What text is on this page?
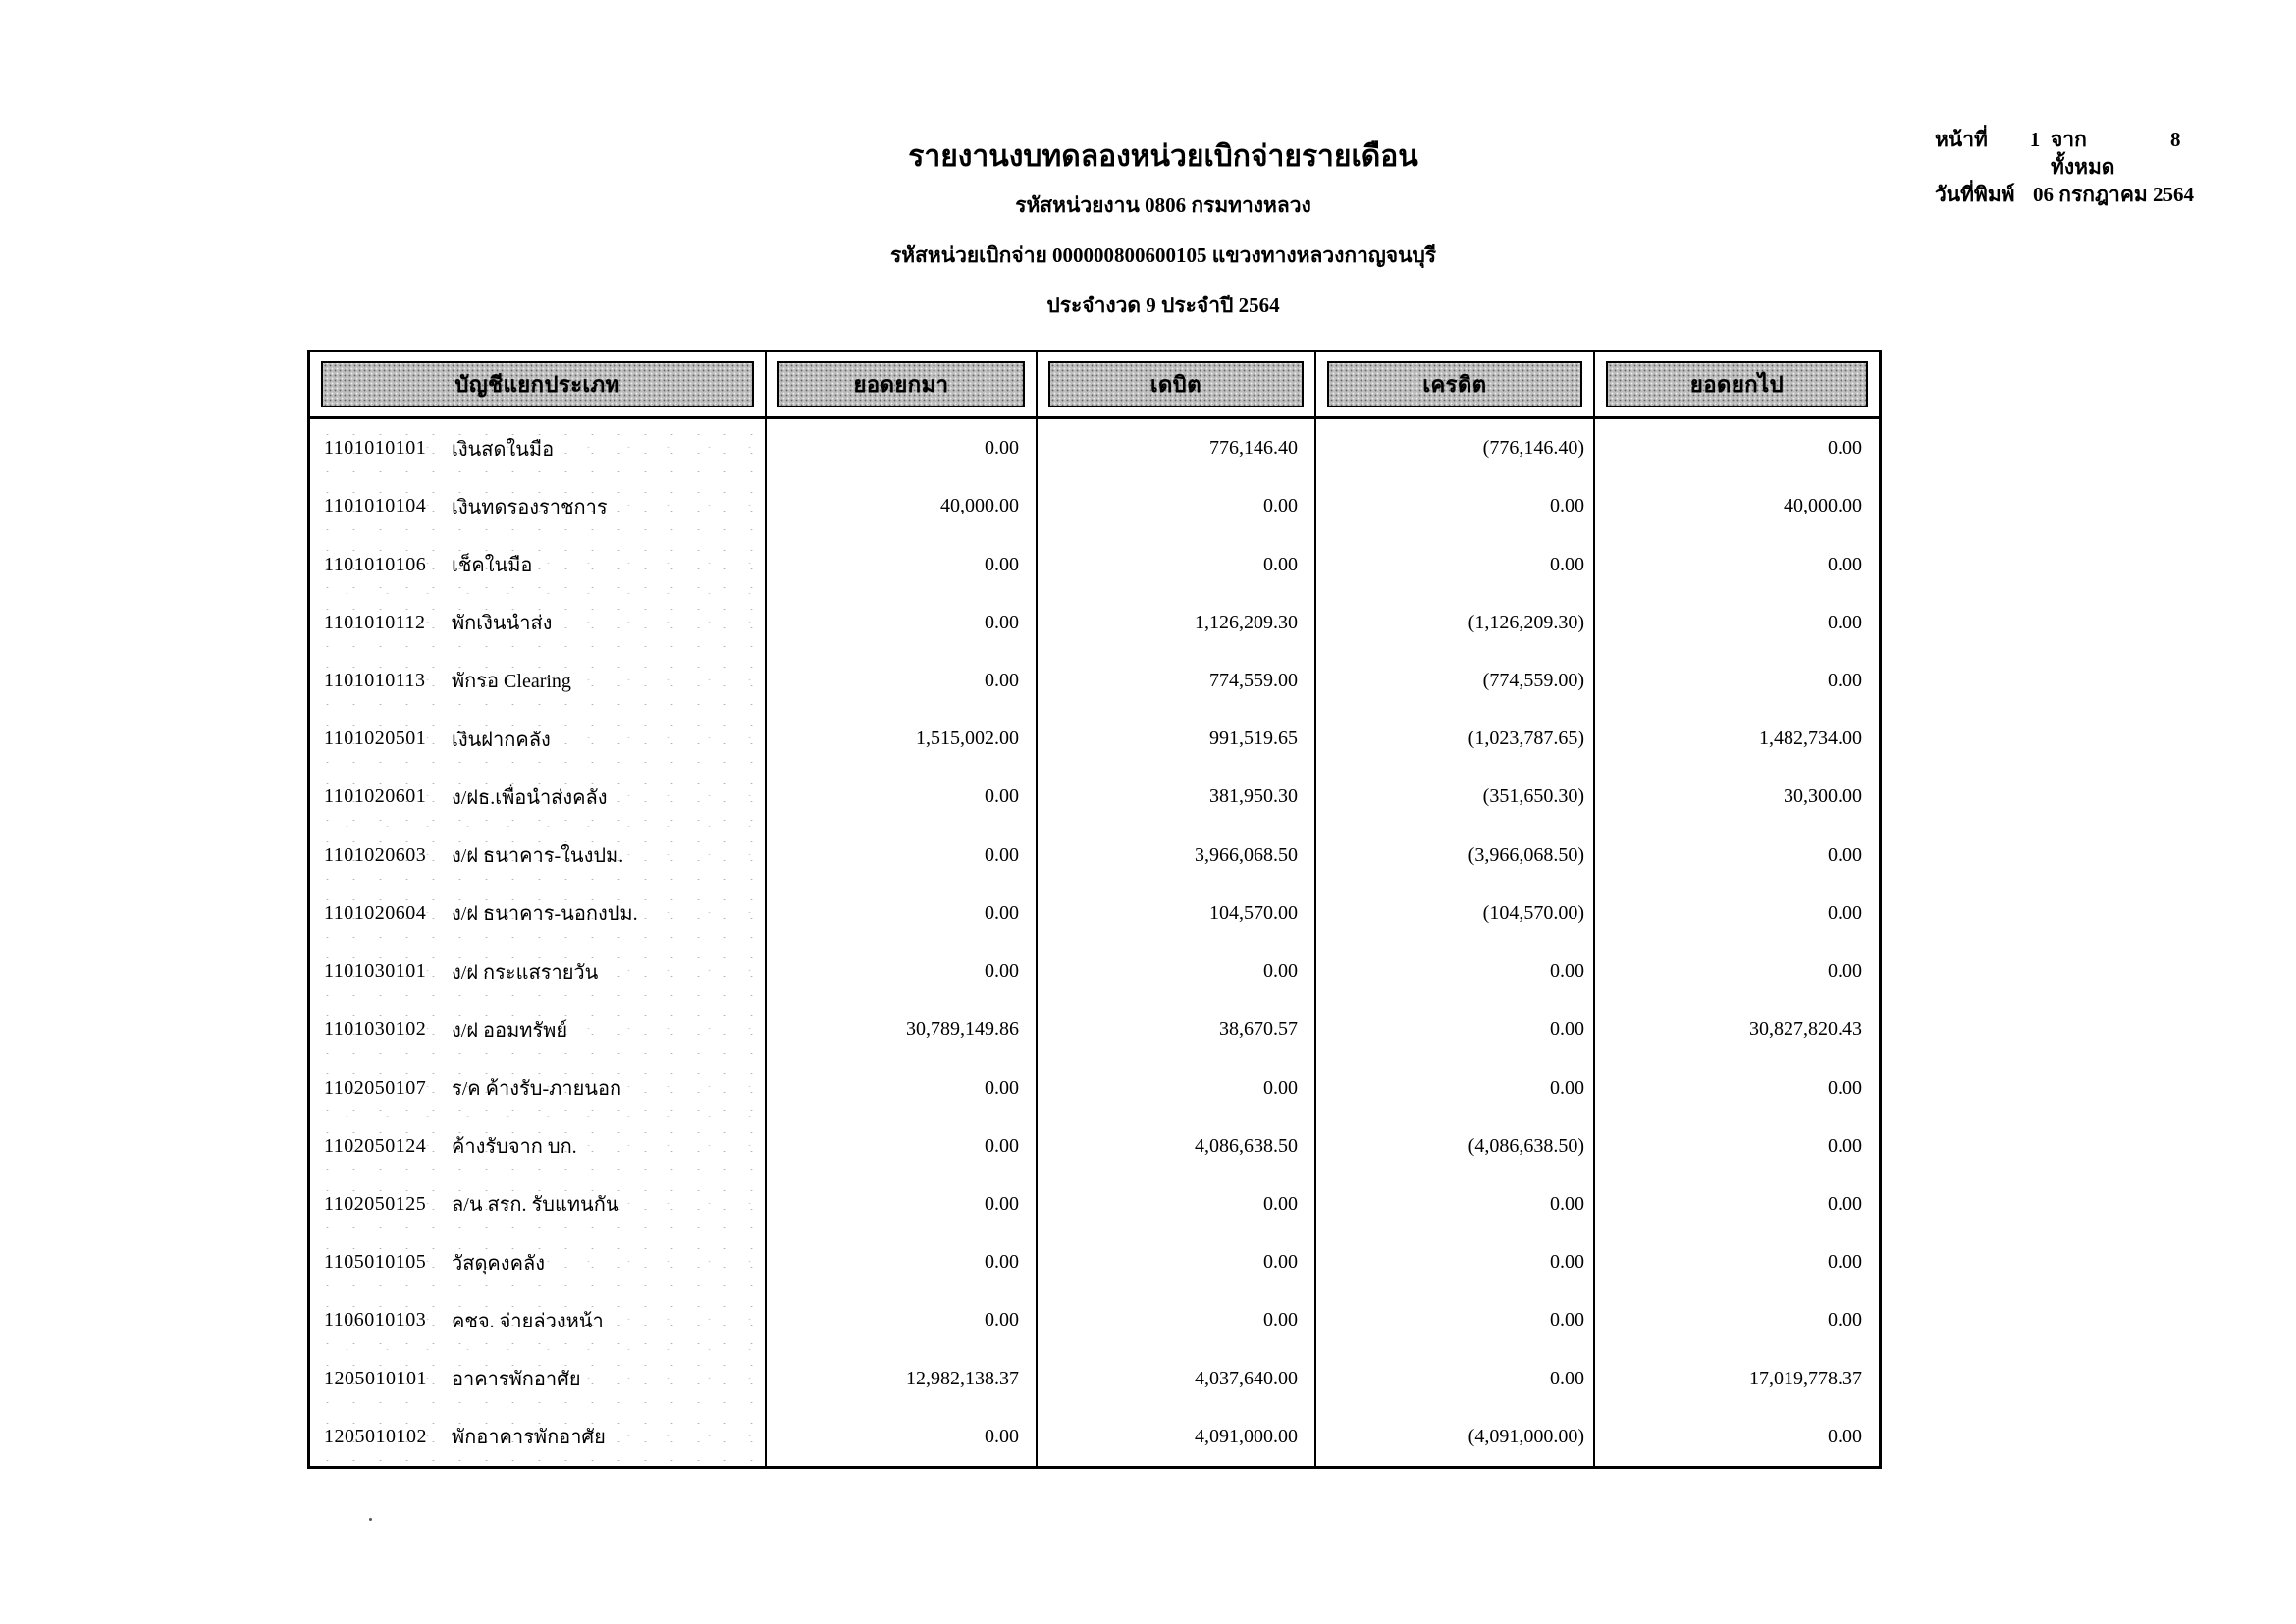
รายงานงบทดลองหน่วยเบิกจ่ายรายเดือน
รหัสหน่วยงาน 0806 กรมทางหลวง
รหัสหน่วยเบิกจ่าย 000000800600105 แขวงทางหลวงกาญจนบุรี
ประจำงวด 9 ประจำปี 2564
หน้าที่	1 จากทั้งหมด
8
วันที่พิมพ์ 06 กรกฎาคม 2564
บัญชีแยกประเภท	ยอดยกมา	เดบิต	เครดิต	ยอดยกไป
1101010101	เงินสดในมือ	0.00	776,146.40	(776,146.40)	0.00
1101010104	เงินทดรองราชการ	40,000.00	0.00	0.00	40,000.00
1101010106	เช็คในมือ	0.00	0.00	0.00	0.00
1101010112	พักเงินนำส่ง	0.00	1,126,209.30	(1,126,209.30)	0.00
1101010113	พักรอ Clearing	0.00	774,559.00	(774,559.00)	0.00
1101020501	เงินฝากคลัง	1,515,002.00	991,519.65	(1,023,787.65)	1,482,734.00
1101020601	ง/ฝธ.เพื่อนำส่งคลัง	0.00	381,950.30	(351,650.30)	30,300.00
1101020603	ง/ฝ ธนาคาร-ในงปม.	0.00	3,966,068.50	(3,966,068.50)	0.00
1101020604	ง/ฝ ธนาคาร-นอกงปม.	0.00	104,570.00	(104,570.00)	0.00
1101030101	ง/ฝ กระแสรายวัน	0.00	0.00	0.00	0.00
1101030102	ง/ฝ ออมทรัพย์	30,789,149.86	38,670.57	0.00	30,827,820.43
1102050107	ร/ค ค้างรับ-ภายนอก	0.00	0.00	0.00	0.00
1102050124	ค้างรับจาก บก.	0.00	4,086,638.50	(4,086,638.50)	0.00
1102050125	ล/น สรก. รับแทนกัน	0.00	0.00	0.00	0.00
1105010105	วัสดุคงคลัง	0.00	0.00	0.00	0.00
1106010103	คชจ. จ่ายล่วงหน้า	0.00	0.00	0.00	0.00
1205010101	อาคารพักอาศัย	12,982,138.37	4,037,640.00	0.00	17,019,778.37
1205010102	พักอาคารพักอาศัย	0.00	4,091,000.00	(4,091,000.00)	0.00
